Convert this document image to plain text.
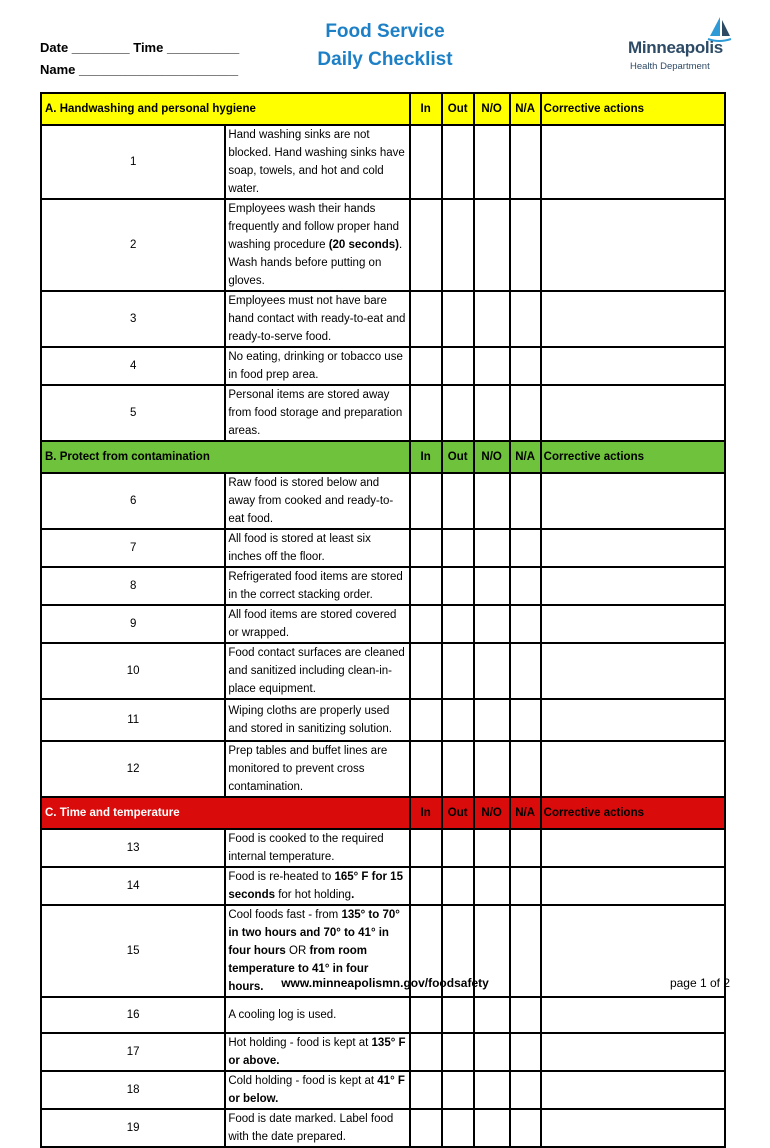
Date ________ Time __________
Name ______________________
Food Service
Daily Checklist
Minneapolis
Health Department
A. Handwashing and personal hygiene		In	Out	N/O	N/A	Corrective actions
1	Hand washing sinks are not blocked. Hand washing sinks have soap, towels, and hot and cold water.					
2	Employees wash their hands frequently and follow proper hand washing procedure (20 seconds). Wash hands before putting on gloves.					
3	Employees must not have bare hand contact with ready-to-eat and ready-to-serve food.					
4	No eating, drinking or tobacco use in food prep area.					
5	Personal items are stored away from food storage and preparation areas.					
B. Protect from contamination		In	Out	N/O	N/A	Corrective actions
6	Raw food is stored below and away from cooked and ready-to-eat food.					
7	All food is stored at least six inches off the floor.					
8	Refrigerated food items are stored in the correct stacking order.					
9	All food items are stored covered or wrapped.					
10	Food contact surfaces are cleaned and sanitized including clean-in-place equipment.					
11	Wiping cloths are properly used and stored in sanitizing solution.					
12	Prep tables and buffet lines are monitored to prevent cross contamination.					
C. Time and temperature		In	Out	N/O	N/A	Corrective actions
13	Food is cooked to the required internal temperature.					
14	Food is re-heated to 165° F for 15 seconds for hot holding.					
15	Cool foods fast - from 135° to 70° in two hours and 70° to 41° in four hours OR from room temperature to 41° in four hours.					
16	A cooling log is used.					
17	Hot holding - food is kept at 135° F or above.					
18	Cold holding - food is kept at 41° F or below.					
19	Food is date marked. Label food with the date prepared.					
www.minneapolismn.gov/foodsafety	page 1 of 2
